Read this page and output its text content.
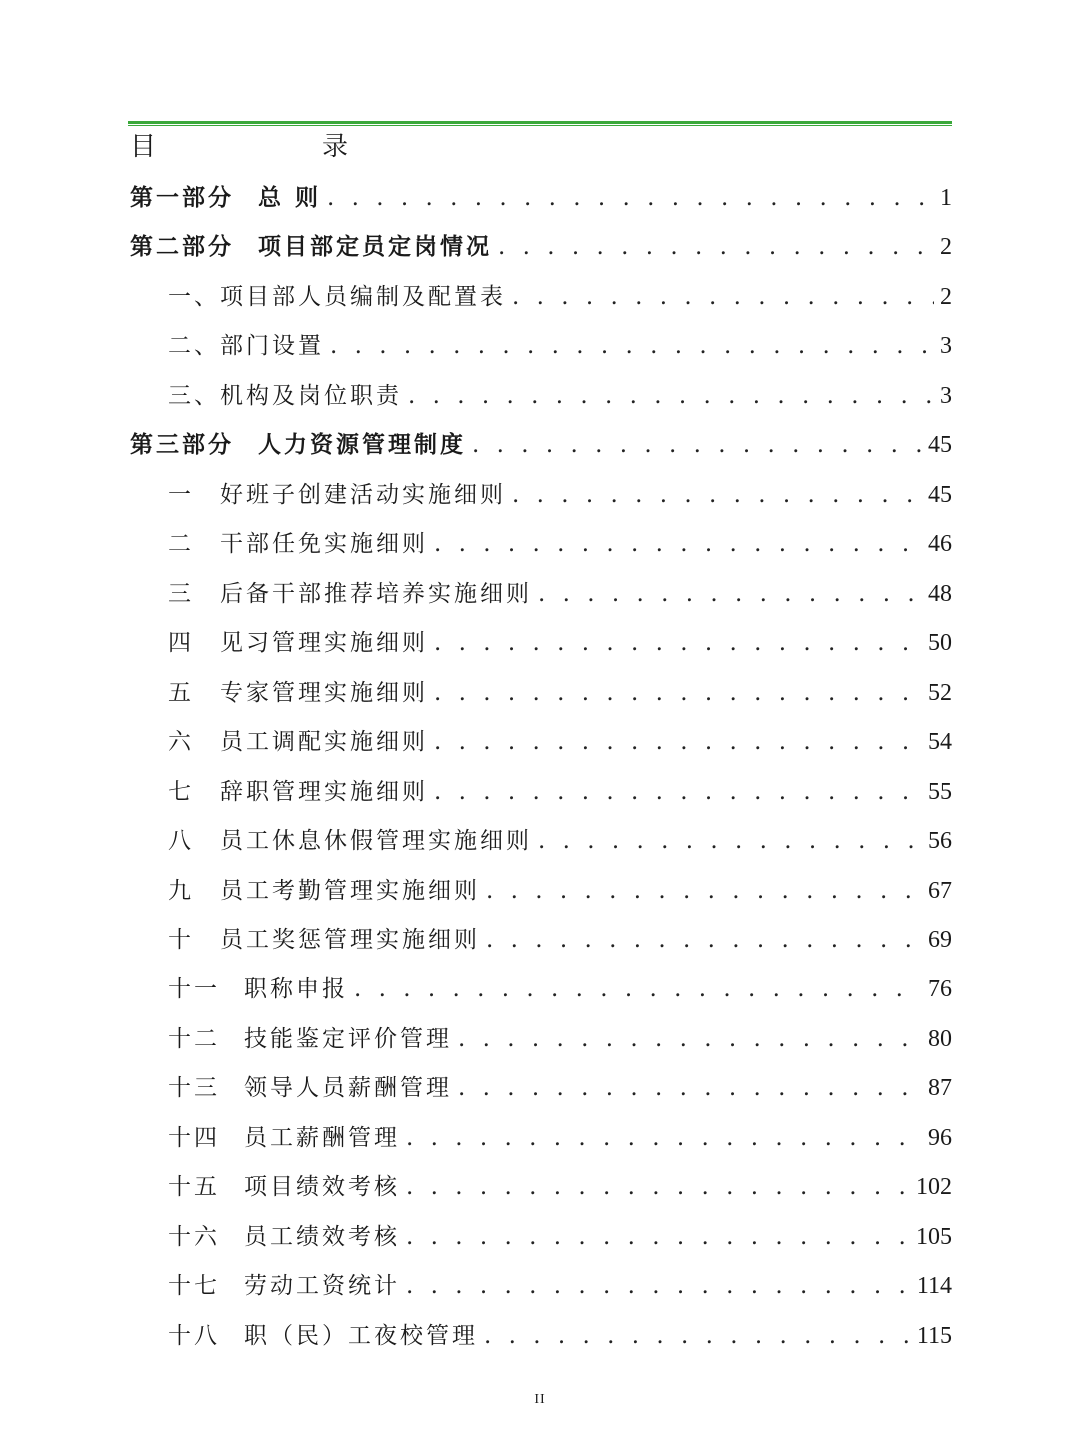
目　　录
第一部分	总 则 . . .	1
第二部分	项目部定员定岗情况 . . .	2
一、 项目部人员编制及配置表 . . .	2
二、 部门设置 . . .	3
三、 机构及岗位职责 . . .	3
第三部分	人力资源管理制度 . . .	45
一	好班子创建活动实施细则 . . .	45
二	干部任免实施细则 . . .	46
三	后备干部推荐培养实施细则 . . .	48
四	见习管理实施细则 . . .	50
五	专家管理实施细则 . . .	52
六	员工调配实施细则 . . .	54
七	辞职管理实施细则 . . .	55
八	员工休息休假管理实施细则 . . .	56
九	员工考勤管理实施细则 . . .	67
十	员工奖惩管理实施细则 . . .	69
十一	职称申报 . . .	76
十二	技能鉴定评价管理 . . .	80
十三	领导人员薪酬管理 . . .	87
十四	员工薪酬管理 . . .	96
十五	项目绩效考核 . . .	102
十六	员工绩效考核 . . .	105
十七	劳动工资统计 . . .	114
十八	职（民）工夜校管理 . . .	115
II
